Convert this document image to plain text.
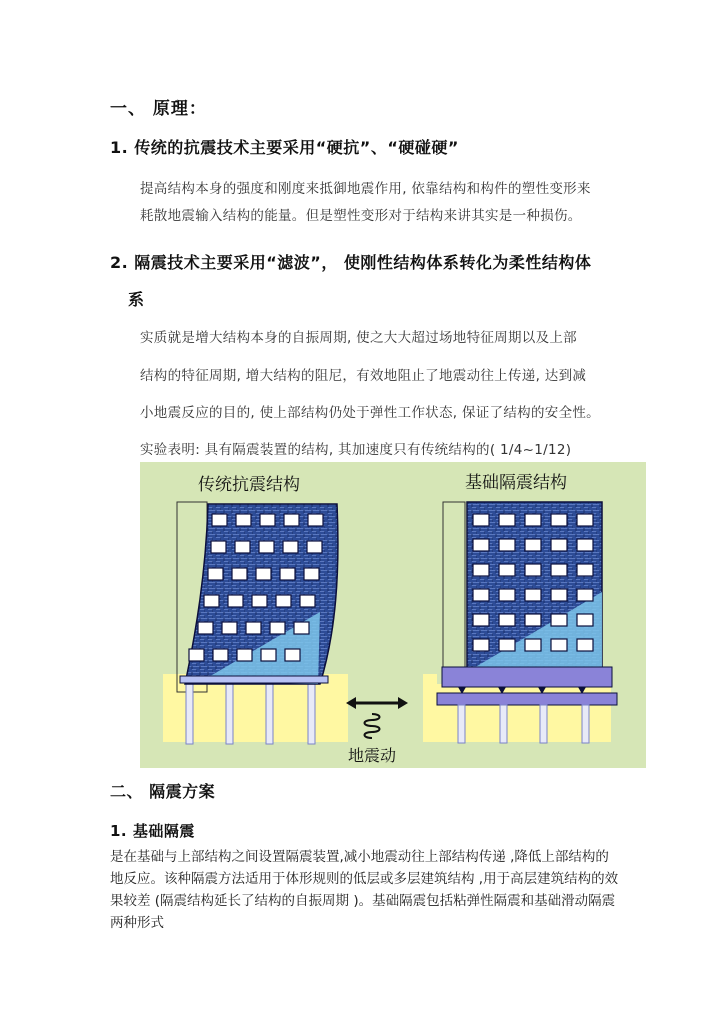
一、 原理：
1. 传统的抗震技术主要采用“硬抗”、“硬碰硬”
提高结构本身的强度和刚度来抵御地震作用, 依靠结构和构件的塑性变形来
耗散地震输入结构的能量。但是塑性变形对于结构来讲其实是一种损伤。
2. 隔震技术主要采用“滤波”， 使刚性结构体系转化为柔性结构体
系
实质就是增大结构本身的自振周期, 使之大大超过场地特征周期以及上部
结构的特征周期, 增大结构的阻尼，有效地阻止了地震动往上传递, 达到减
小地震反应的目的, 使上部结构仍处于弹性工作状态, 保证了结构的安全性。
实验表明: 具有隔震装置的结构, 其加速度只有传统结构的( 1/4~1/12)
传统抗震结构	基础隔震结构
地震动
二、 隔震方案
1. 基础隔震
是在基础与上部结构之间设置隔震装置,减小地震动往上部结构传递 ,降低上部结构的地反应。该种隔震方法适用于体形规则的低层或多层建筑结构 ,用于高层建筑结构的效果较差 (隔震结构延长了结构的自振周期 )。基础隔震包括粘弹性隔震和基础滑动隔震两种形式
